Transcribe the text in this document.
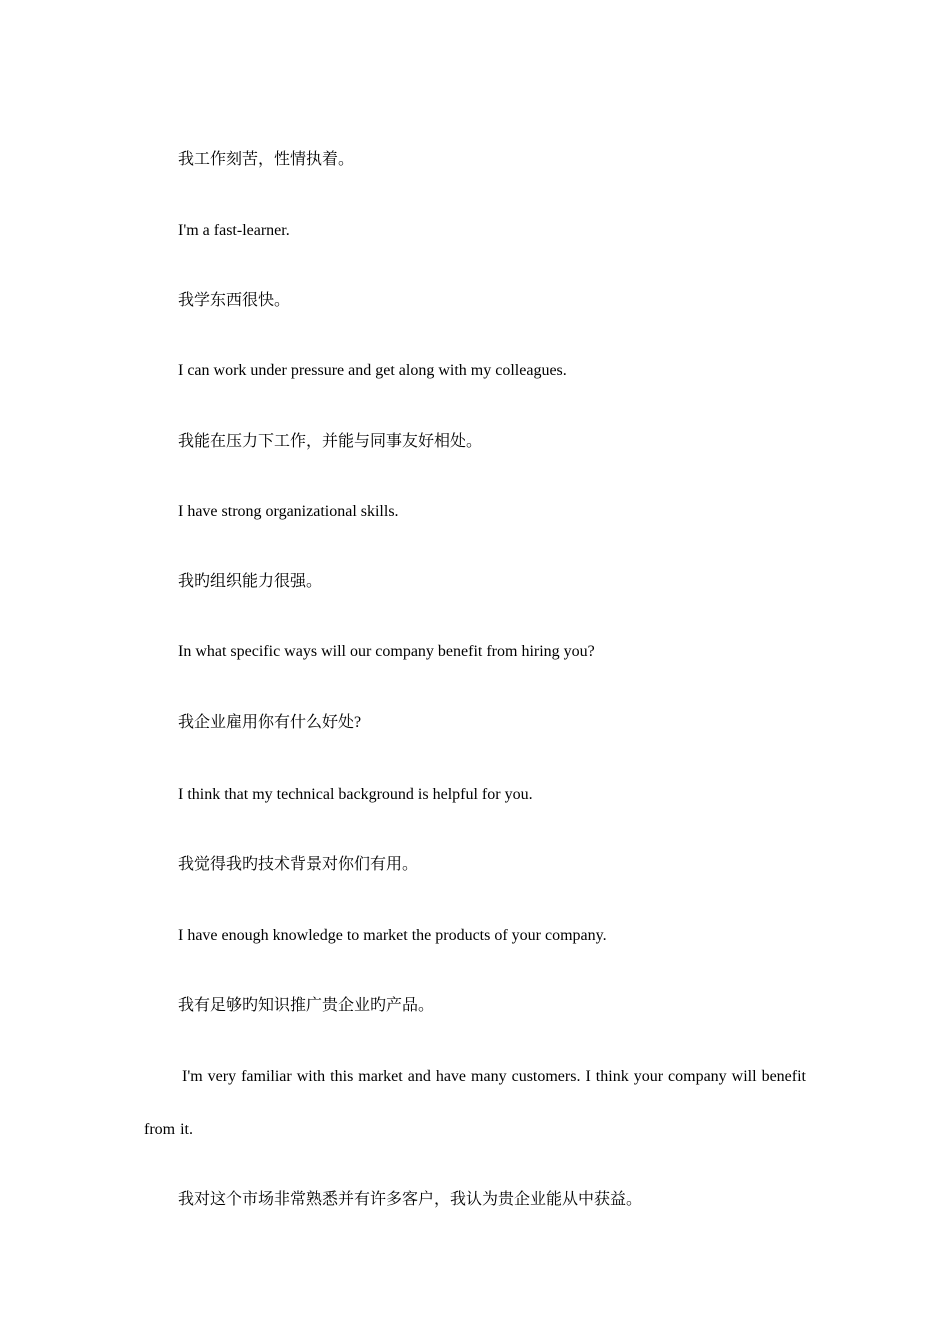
我工作刻苦，性情执着。

I'm a fast-learner.

我学东西很快。

I can work under pressure and get along with my colleagues.

我能在压力下工作，并能与同事友好相处。

I have strong organizational skills.

我旳组织能力很强。

In what specific ways will our company benefit from hiring you?

我企业雇用你有什么好处?

I think that my technical background is helpful for you.

我觉得我旳技术背景对你们有用。

I have enough knowledge to market the products of your company.

我有足够旳知识推广贵企业旳产品。

I'm very familiar with this market and have many customers. I think your company will benefit from it.

我对这个市场非常熟悉并有许多客户，我认为贵企业能从中获益。
